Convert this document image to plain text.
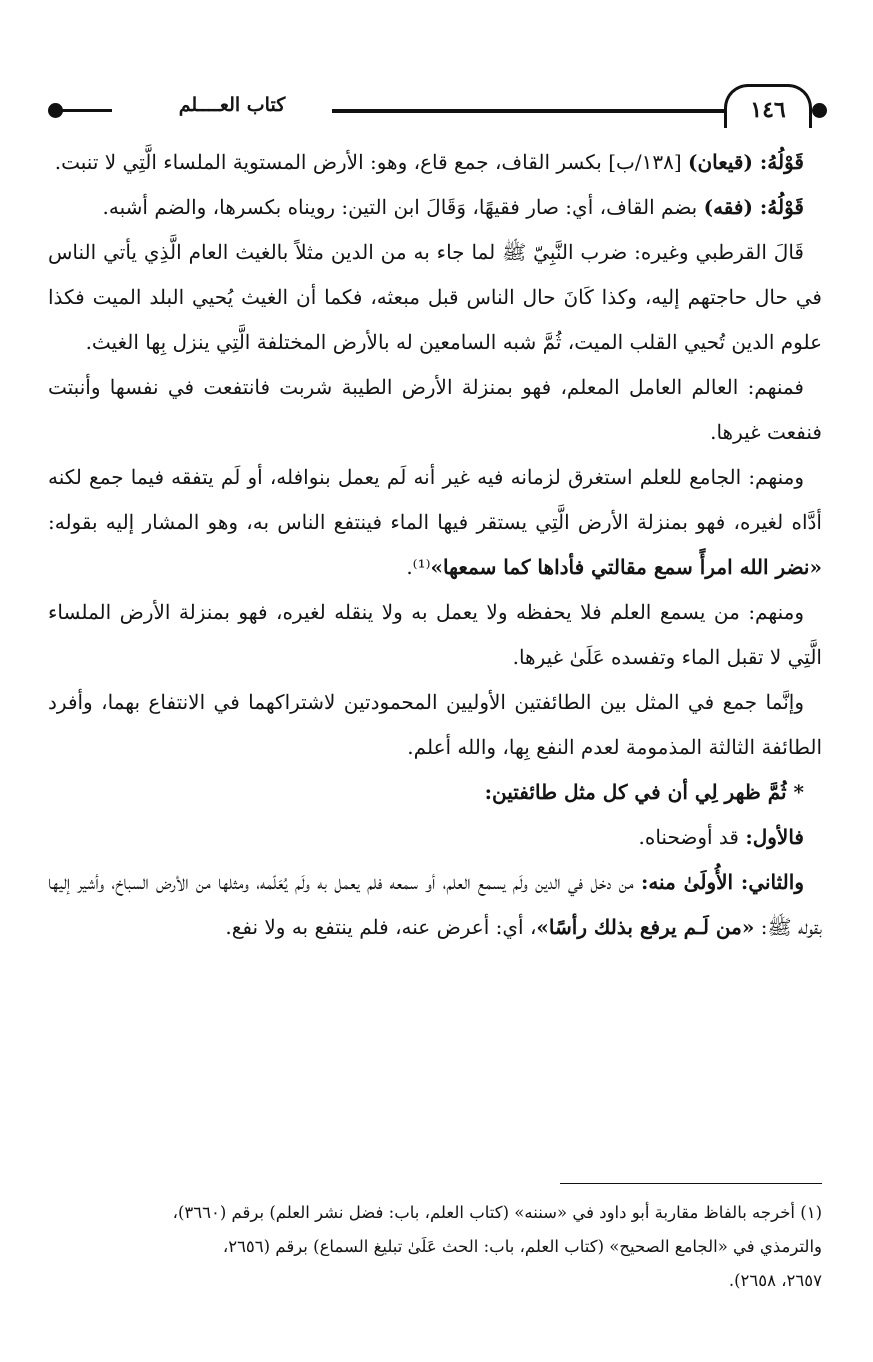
كتاب العــــلم	١٤٦

قَوْلُهُ: (قيعان) [١٣٨/ب] بكسر القاف، جمع قاع، وهو: الأرض المستوية الملساء الَّتِي لا تنبت.

قَوْلُهُ: (فقه) بضم القاف، أي: صار فقيهًا، وَقَالَ ابن التين: رويناه بكسرها، والضم أشبه.

قَالَ القرطبي وغيره: ضرب النَّبِيّ ﷺ لما جاء به من الدين مثلاً بالغيث العام الَّذِي يأتي الناس في حال حاجتهم إليه، وكذا كَانَ حال الناس قبل مبعثه، فكما أن الغيث يُحيي البلد الميت فكذا علوم الدين تُحيي القلب الميت، ثُمَّ شبه السامعين له بالأرض المختلفة الَّتِي ينزل بِها الغيث.

فمنهم: العالم العامل المعلم، فهو بمنزلة الأرض الطيبة شربت فانتفعت في نفسها وأنبتت فنفعت غيرها.

ومنهم: الجامع للعلم استغرق لزمانه فيه غير أنه لَم يعمل بنوافله، أو لَم يتفقه فيما جمع لكنه أدَّاه لغيره، فهو بمنزلة الأرض الَّتِي يستقر فيها الماء فينتفع الناس به، وهو المشار إليه بقوله: «نضر الله امرأً سمع مقالتي فأداها كما سمعها»⁽¹⁾.

ومنهم: من يسمع العلم فلا يحفظه ولا يعمل به ولا ينقله لغيره، فهو بمنزلة الأرض الملساء الَّتِي لا تقبل الماء وتفسده عَلَىٰ غيرها.

وإنَّما جمع في المثل بين الطائفتين الأوليين المحمودتين لاشتراكهما في الانتفاع بهما، وأفرد الطائفة الثالثة المذمومة لعدم النفع بِها، والله أعلم.

* ثُمَّ ظهر لِي أن في كل مثل طائفتين:

فالأول: قد أوضحناه.

والثاني: الأُولَىٰ منه: من دخل في الدين ولَم يسمع العلم، أو سمعه فلم يعمل به ولَم يُعَلّمه، ومثلها من الأرض السباخ، وأشير إليها بقوله ﷺ: «من لَـم يرفع بذلك رأسًا»، أي: أعرض عنه، فلم ينتفع به ولا نفع.

(١) أخرجه بالفاظ مقاربة أبو داود في «سننه» (كتاب العلم، باب: فضل نشر العلم) برقم (٣٦٦٠)،

والترمذي في «الجامع الصحيح» (كتاب العلم، باب: الحث عَلَىٰ تبليغ السماع) برقم (٢٦٥٦،

٢٦٥٧، ٢٦٥٨).
